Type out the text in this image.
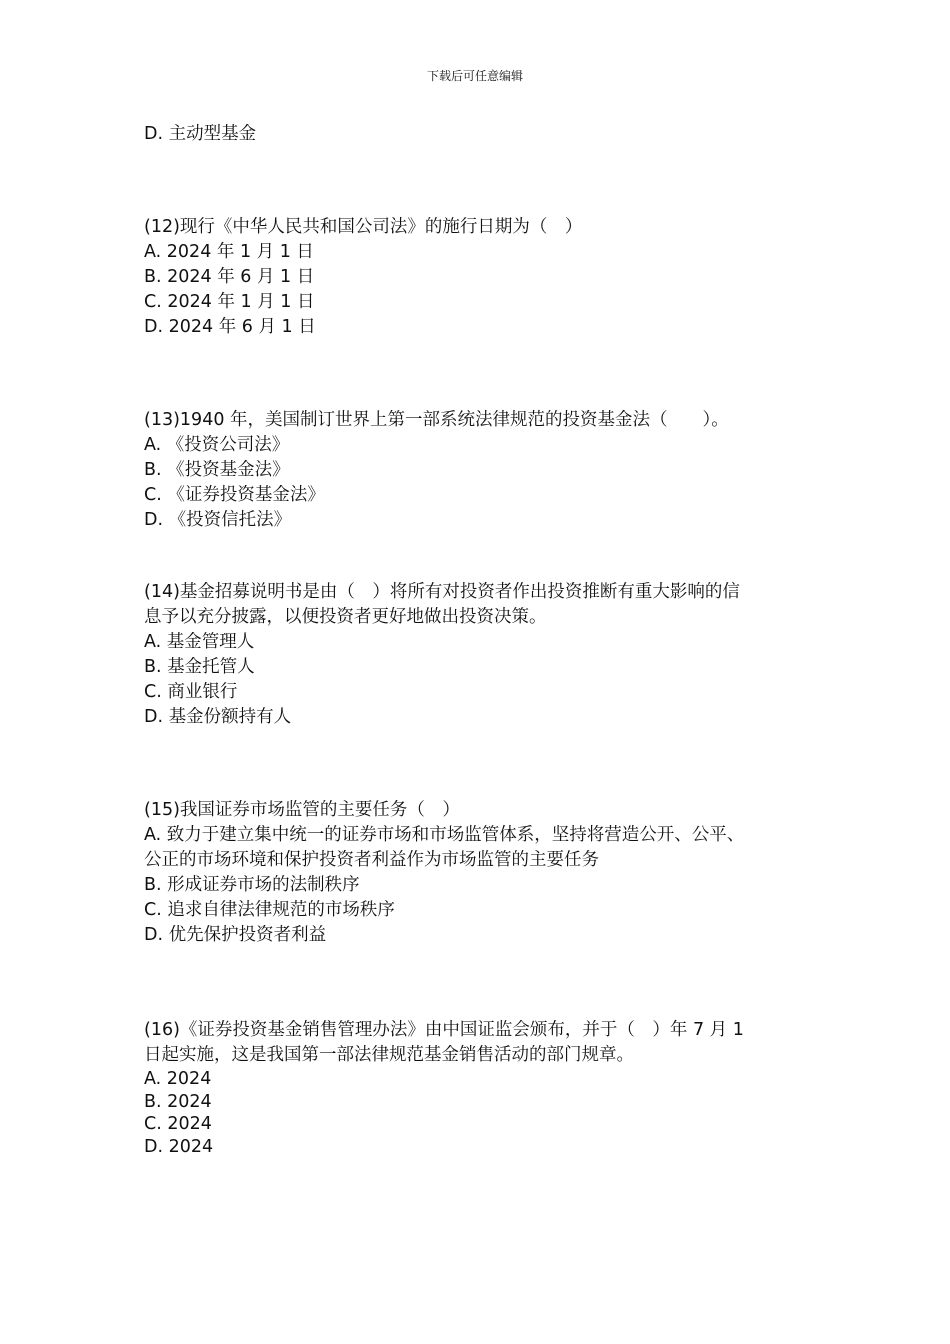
下载后可任意编辑
D. 主动型基金
(12)现行《中华人民共和国公司法》的施行日期为（　）
A. 2024 年 1 月 1 日
B. 2024 年 6 月 1 日
C. 2024 年 1 月 1 日
D. 2024 年 6 月 1 日
(13)1940 年，美国制订世界上第一部系统法律规范的投资基金法（　　）。
A. 《投资公司法》
B. 《投资基金法》
C. 《证券投资基金法》
D. 《投资信托法》
(14)基金招募说明书是由（　）将所有对投资者作出投资推断有重大影响的信
息予以充分披露，以便投资者更好地做出投资决策。
A. 基金管理人
B. 基金托管人
C. 商业银行
D. 基金份额持有人
(15)我国证券市场监管的主要任务（　）
A. 致力于建立集中统一的证券市场和市场监管体系，坚持将营造公开、公平、
公正的市场环境和保护投资者利益作为市场监管的主要任务
B. 形成证券市场的法制秩序
C. 追求自律法律规范的市场秩序
D. 优先保护投资者利益
(16)《证券投资基金销售管理办法》由中国证监会颁布，并于（　）年 7 月 1
日起实施，这是我国第一部法律规范基金销售活动的部门规章。
A. 2024
B. 2024
C. 2024
D. 2024
